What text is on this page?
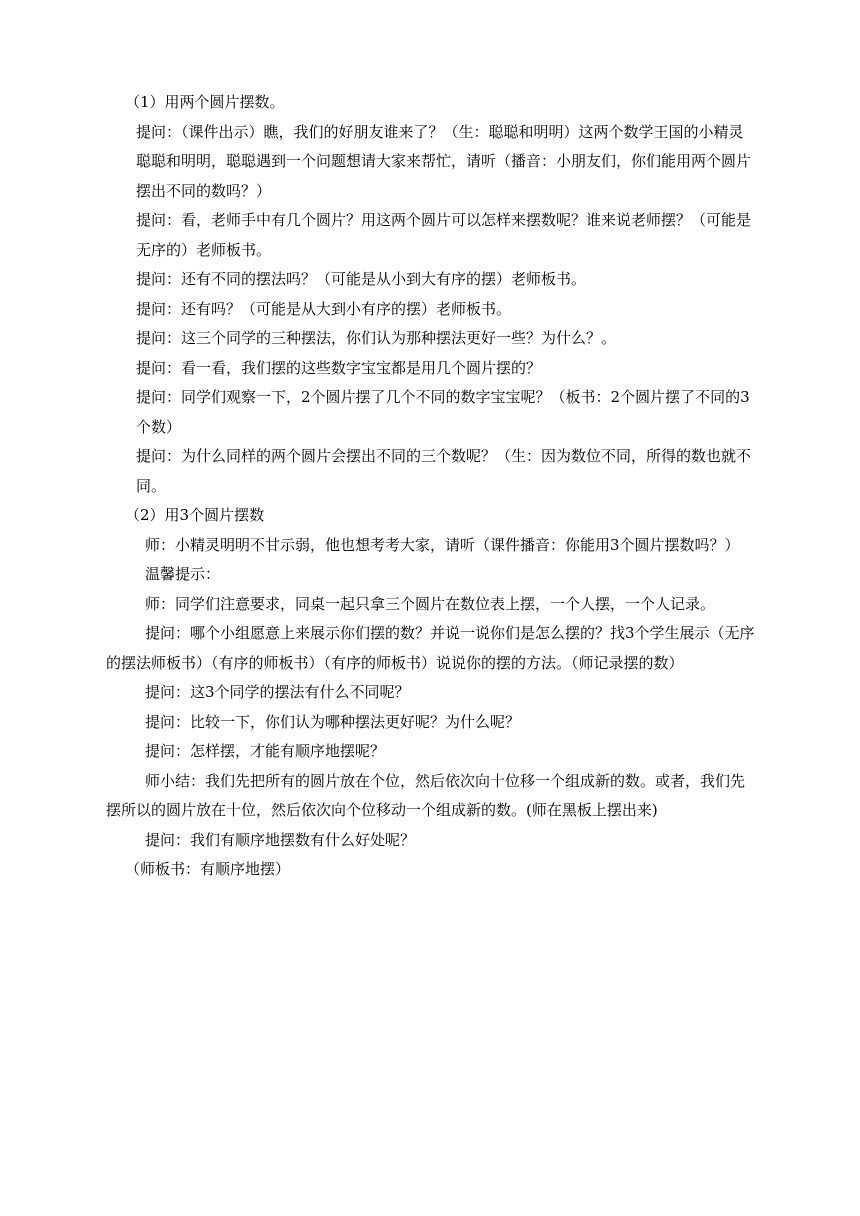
（1）用两个圆片摆数。

提问：（课件出示）瞧，我们的好朋友谁来了？（生：聪聪和明明）这两个数学王国的小精灵聪聪和明明，聪聪遇到一个问题想请大家来帮忙，请听（播音：小朋友们，你们能用两个圆片摆出不同的数吗？）

提问：看，老师手中有几个圆片？用这两个圆片可以怎样来摆数呢？谁来说老师摆？（可能是无序的）老师板书。

提问：还有不同的摆法吗？（可能是从小到大有序的摆）老师板书。

提问：还有吗？（可能是从大到小有序的摆）老师板书。

提问：这三个同学的三种摆法，你们认为那种摆法更好一些？为什么？。

提问：看一看，我们摆的这些数字宝宝都是用几个圆片摆的？

提问：同学们观察一下，2个圆片摆了几个不同的数字宝宝呢？（板书：2个圆片摆了不同的3个数）

提问：为什么同样的两个圆片会摆出不同的三个数呢？（生：因为数位不同，所得的数也就不同。

（2）用3个圆片摆数

师：小精灵明明不甘示弱，他也想考考大家，请听（课件播音：你能用3个圆片摆数吗？）

温馨提示：

师：同学们注意要求，同桌一起只拿三个圆片在数位表上摆，一个人摆，一个人记录。

提问：哪个小组愿意上来展示你们摆的数？并说一说你们是怎么摆的？找3个学生展示（无序的摆法师板书）（有序的师板书）（有序的师板书）说说你的摆的方法。（师记录摆的数）

提问：这3个同学的摆法有什么不同呢？

提问：比较一下，你们认为哪种摆法更好呢？为什么呢？

提问：怎样摆，才能有顺序地摆呢？

师小结：我们先把所有的圆片放在个位，然后依次向十位移一个组成新的数。或者，我们先摆所以的圆片放在十位，然后依次向个位移动一个组成新的数。(师在黑板上摆出来)

提问：我们有顺序地摆数有什么好处呢？

（师板书：有顺序地摆）
